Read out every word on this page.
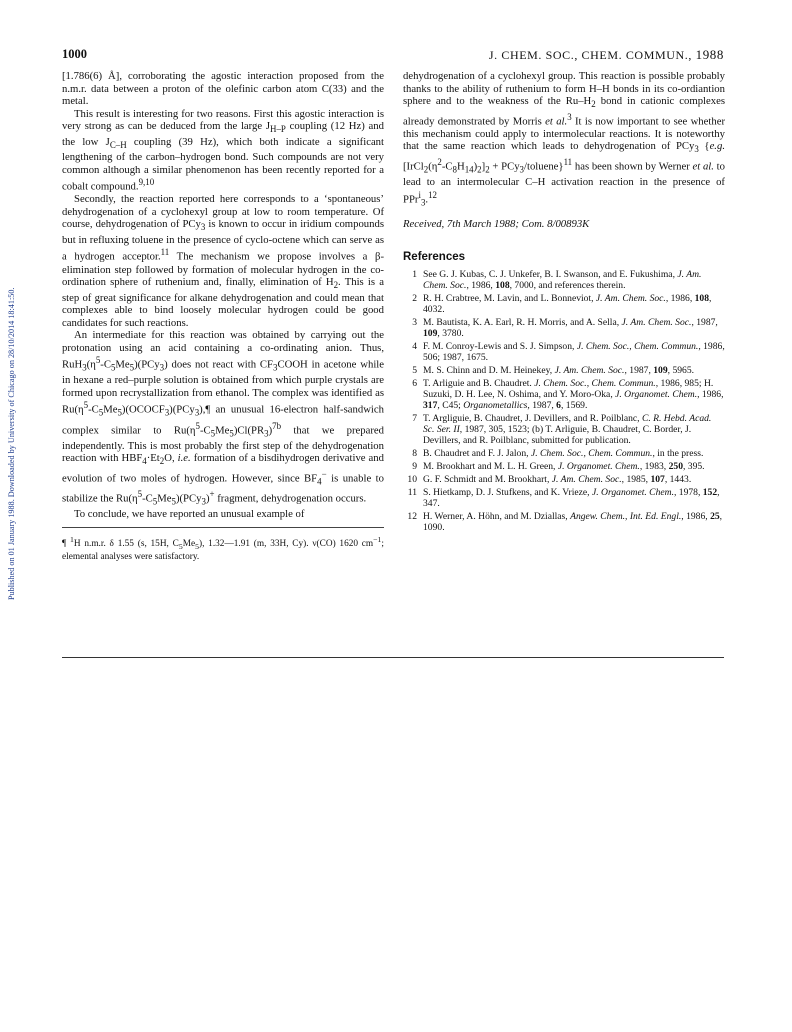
Published on 01 January 1988. Downloaded by University of Chicago on 28/10/2014 18:41:50.
1000	J. CHEM. SOC., CHEM. COMMUN., 1988

[1.786(6) Å], corroborating the agostic interaction proposed from the n.m.r. data between a proton of the olefinic carbon atom C(33) and the metal.

This result is interesting for two reasons. First this agostic interaction is very strong as can be deduced from the large $J_{H-P}$ coupling (12 Hz) and the low $J_{C-H}$ coupling (39 Hz), which both indicate a significant lengthening of the carbon–hydrogen bond. Such compounds are not very common although a similar phenomenon has been recently reported for a cobalt compound.$^{9,10}$

Secondly, the reaction reported here corresponds to a ‘spontaneous’ dehydrogenation of a cyclohexyl group at low to room temperature. Of course, dehydrogenation of PCy$_3$ is known to occur in iridium compounds but in refluxing toluene in the presence of cyclo-octene which can serve as a hydrogen acceptor.$^{11}$ The mechanism we propose involves a β-elimination step followed by formation of molecular hydrogen in the co-ordination sphere of ruthenium and, finally, elimination of $H_2$. This is a step of great significance for alkane dehydrogenation and could mean that complexes able to bind loosely molecular hydrogen could be good candidates for such reactions.

An intermediate for this reaction was obtained by carrying out the protonation using an acid containing a co-ordinating anion. Thus, $RuH_3(\eta^5-C_5Me_5)(PCy_3)$ does not react with $CF_3COOH$ in acetone while in hexane a red–purple solution is obtained from which purple crystals are formed upon recrystallization from ethanol. The complex was identified as $Ru(\eta^5-C_5Me_5)(OCOCF_3)(PCy_3),\P$ an unusual 16-electron half-sandwich complex similar to $Ru(\eta^5-C_5Me_5)Cl(PR_3)^{7b}$ that we prepared independently. This is most probably the first step of the dehydrogenation reaction with $HBF_4\cdot Et_2O$, i.e. formation of a bisdihydrogen derivative and evolution of two moles of hydrogen. However, since $BF_4^-$ is unable to stabilize the $Ru(\eta^5-C_5Me_5)(PCy_3)^+$ fragment, dehydrogenation occurs.

To conclude, we have reported an unusual example of

¶ $^1$H n.m.r. δ 1.55 (s, 15H, $C_5Me_5$), 1.32—1.91 (m, 33H, Cy). ν(CO) 1620 $cm^{-1}$; elemental analyses were satisfactory.

dehydrogenation of a cyclohexyl group. This reaction is possible probably thanks to the ability of ruthenium to form H–H bonds in its co-ordiantion sphere and to the weakness of the $Ru-H_2$ bond in cationic complexes already demonstrated by Morris et al.$^3$ It is now important to see whether this mechanism could apply to intermolecular reactions. It is noteworthy that the same reaction which leads to dehydrogenation of PCy$_3$ {e.g. $[IrCl_2(\eta^2-C_8H_{14})_2]_2$ + PCy$_3$/toluene}$^{11}$ has been shown by Werner et al. to lead to an intermolecular C–H activation reaction in the presence of PPr$^i_3$.$^{12}$

Received, 7th March 1988; Com. 8/00893K

References
1 See G. J. Kubas, C. J. Unkefer, B. I. Swanson, and E. Fukushima, J. Am. Chem. Soc., 1986, 108, 7000, and references therein.
2 R. H. Crabtree, M. Lavin, and L. Bonneviot, J. Am. Chem. Soc., 1986, 108, 4032.
3 M. Bautista, K. A. Earl, R. H. Morris, and A. Sella, J. Am. Chem. Soc., 1987, 109, 3780.
4 F. M. Conroy-Lewis and S. J. Simpson, J. Chem. Soc., Chem. Commun., 1986, 506; 1987, 1675.
5 M. S. Chinn and D. M. Heinekey, J. Am. Chem. Soc., 1987, 109, 5965.
6 T. Arliguie and B. Chaudret. J. Chem. Soc., Chem. Commun., 1986, 985; H. Suzuki, D. H. Lee, N. Oshima, and Y. Moro-Oka, J. Organomet. Chem., 1986, 317, C45; Organometallics, 1987, 6, 1569.
7 T. Argliguie, B. Chaudret, J. Devillers, and R. Poilblanc, C. R. Hebd. Acad. Sc. Ser. II, 1987, 305, 1523; (b) T. Arliguie, B. Chaudret, C. Border, J. Devillers, and R. Poilblanc, submitted for publication.
8 B. Chaudret and F. J. Jalon, J. Chem. Soc., Chem. Commun., in the press.
9 M. Brookhart and M. L. H. Green, J. Organomet. Chem., 1983, 250, 395.
10 G. F. Schmidt and M. Brookhart, J. Am. Chem. Soc., 1985, 107, 1443.
11 S. Hietkamp, D. J. Stufkens, and K. Vrieze, J. Organomet. Chem., 1978, 152, 347.
12 H. Werner, A. Höhn, and M. Dziallas, Angew. Chem., Int. Ed. Engl., 1986, 25, 1090.
